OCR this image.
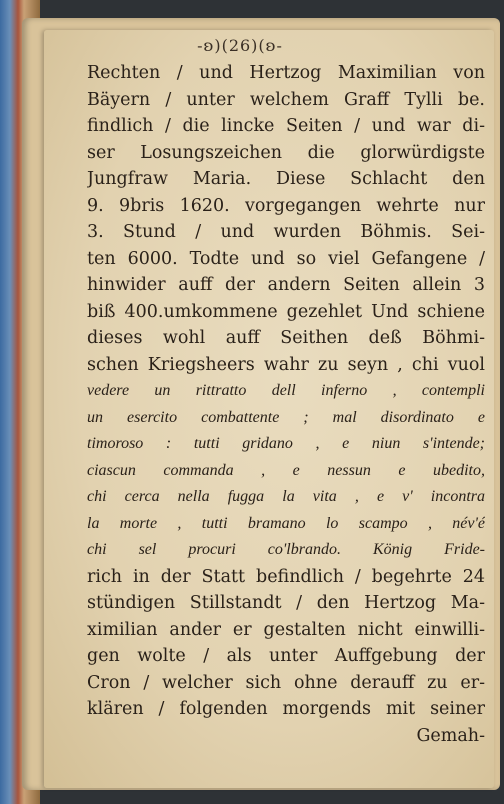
-ʚ)(26)(ʚ-
Rechten / und Hertzog Maximilian von
Bäyern / unter welchem Graff Tylli be.
findlich / die lincke Seiten / und war di-
ser Losungszeichen die glorwürdigste
Jungfraw Maria. Diese Schlacht den
9. 9bris 1620. vorgegangen wehrte nur
3. Stund / und wurden Böhmis. Sei-
ten 6000. Todte und so viel Gefangene /
hinwider auff der andern Seiten allein 3
biß 400.umkommene gezehlet Und schiene
dieses wohl auff Seithen deß Böhmi-
schen Kriegsheers wahr zu seyn , chi vuol
vedere un rittratto dell inferno , contempli
un esercito combattente ; mal disordinato e
timoroso : tutti gridano , e niun s'intende;
ciascun commanda , e nessun e ubedito,
chi cerca nella fugga la vita , e v' incontra
la morte , tutti bramano lo scampo , név'é
chi sel procuri co'lbrando. König Fride-
rich in der Statt befindlich / begehrte 24
stündigen Stillstandt / den Hertzog Ma-
ximilian ander er gestalten nicht einwilli-
gen wolte / als unter Auffgebung der
Cron / welcher sich ohne derauff zu er-
klären / folgenden morgends mit seiner
Gemah-
